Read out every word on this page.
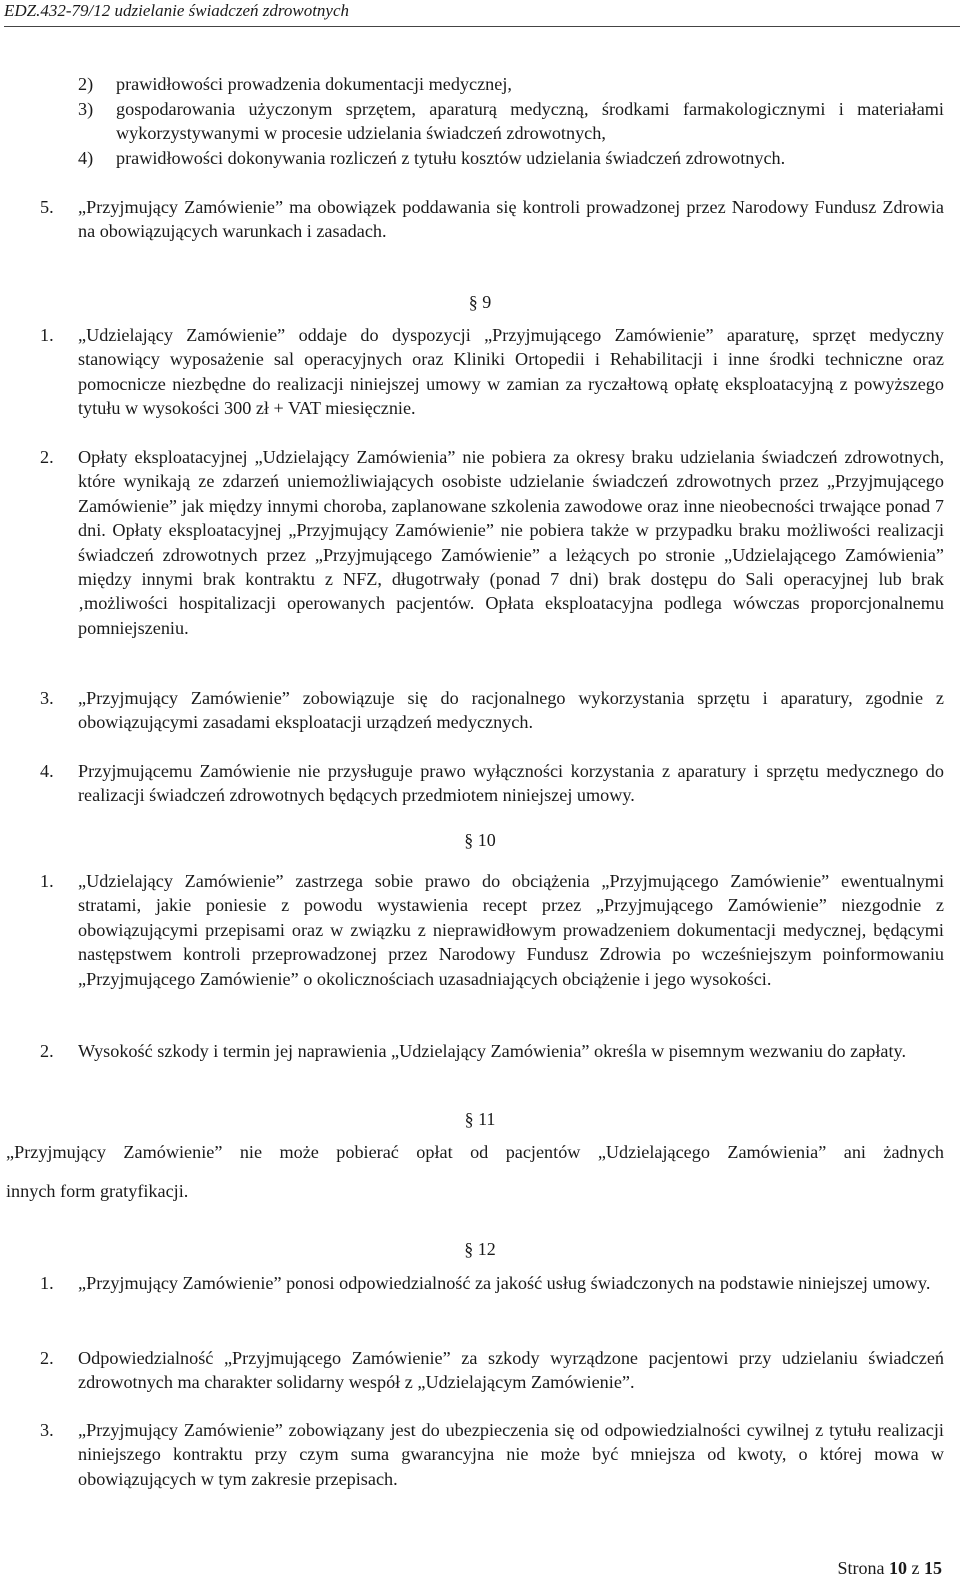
EDZ.432-79/12 udzielanie świadczeń zdrowotnych
2) prawidłowości prowadzenia dokumentacji medycznej,
3) gospodarowania użyczonym sprzętem, aparaturą medyczną, środkami farmakologicznymi i materiałami wykorzystywanymi w procesie udzielania świadczeń zdrowotnych,
4) prawidłowości dokonywania rozliczeń z tytułu kosztów udzielania świadczeń zdrowotnych.
5. „Przyjmujący Zamówienie” ma obowiązek poddawania się kontroli prowadzonej przez Narodowy Fundusz Zdrowia na obowiązujących warunkach i zasadach.
§ 9
1. „Udzielający Zamówienie” oddaje do dyspozycji „Przyjmującego Zamówienie” aparaturę, sprzęt medyczny stanowiący wyposażenie sal operacyjnych oraz Kliniki Ortopedii i Rehabilitacji i inne środki techniczne oraz pomocnicze niezbędne do realizacji niniejszej umowy w zamian za ryczałtową opłatę eksploatacyjną z powyższego tytułu w wysokości 300 zł + VAT miesięcznie.
2. Opłaty eksploatacyjnej „Udzielający Zamówienia” nie pobiera za okresy braku udzielania świadczeń zdrowotnych, które wynikają ze zdarzeń uniemożliwiających osobiste udzielanie świadczeń zdrowotnych przez „Przyjmującego Zamówienie” jak między innymi choroba, zaplanowane szkolenia zawodowe oraz inne nieobecności trwające ponad 7 dni. Opłaty eksploatacyjnej „Przyjmujący Zamówienie” nie pobiera także w przypadku braku możliwości realizacji świadczeń zdrowotnych przez „Przyjmującego Zamówienie” a leżących po stronie „Udzielającego Zamówienia” między innymi brak kontraktu z NFZ, długotrwały (ponad 7 dni) brak dostępu do Sali operacyjnej lub brak ‚możliwości hospitalizacji operowanych pacjentów. Opłata eksploatacyjna podlega wówczas proporcjonalnemu pomniejszeniu.
3. „Przyjmujący Zamówienie” zobowiązuje się do racjonalnego wykorzystania sprzętu i aparatury, zgodnie z obowiązującymi zasadami eksploatacji urządzeń medycznych.
4. Przyjmującemu Zamówienie nie przysługuje prawo wyłączności korzystania z aparatury i sprzętu medycznego do realizacji świadczeń zdrowotnych będących przedmiotem niniejszej umowy.
§ 10
1. „Udzielający Zamówienie” zastrzega sobie prawo do obciążenia „Przyjmującego Zamówienie” ewentualnymi stratami, jakie poniesie z powodu wystawienia recept przez „Przyjmującego Zamówienie” niezgodnie z obowiązującymi przepisami oraz w związku z nieprawidłowym prowadzeniem dokumentacji medycznej, będącymi następstwem kontroli przeprowadzonej przez Narodowy Fundusz Zdrowia po wcześniejszym poinformowaniu „Przyjmującego Zamówienie” o okolicznościach uzasadniających obciążenie i jego wysokości.
2. Wysokość szkody i termin jej naprawienia „Udzielający Zamówienia” określa w pisemnym wezwaniu do zapłaty.
§ 11
„Przyjmujący Zamówienie” nie może pobierać opłat od pacjentów „Udzielającego Zamówienia” ani żadnych
innych form gratyfikacji.
§ 12
1. „Przyjmujący Zamówienie” ponosi odpowiedzialność za jakość usług świadczonych na podstawie niniejszej umowy.
2. Odpowiedzialność „Przyjmującego Zamówienie” za szkody wyrządzone pacjentowi przy udzielaniu świadczeń zdrowotnych ma charakter solidarny wespół z „Udzielającym Zamówienie”.
3. „Przyjmujący Zamówienie” zobowiązany jest do ubezpieczenia się od odpowiedzialności cywilnej z tytułu realizacji niniejszego kontraktu przy czym suma gwarancyjna nie może być mniejsza od kwoty, o której mowa w obowiązujących w tym zakresie przepisach.
Strona 10 z 15
